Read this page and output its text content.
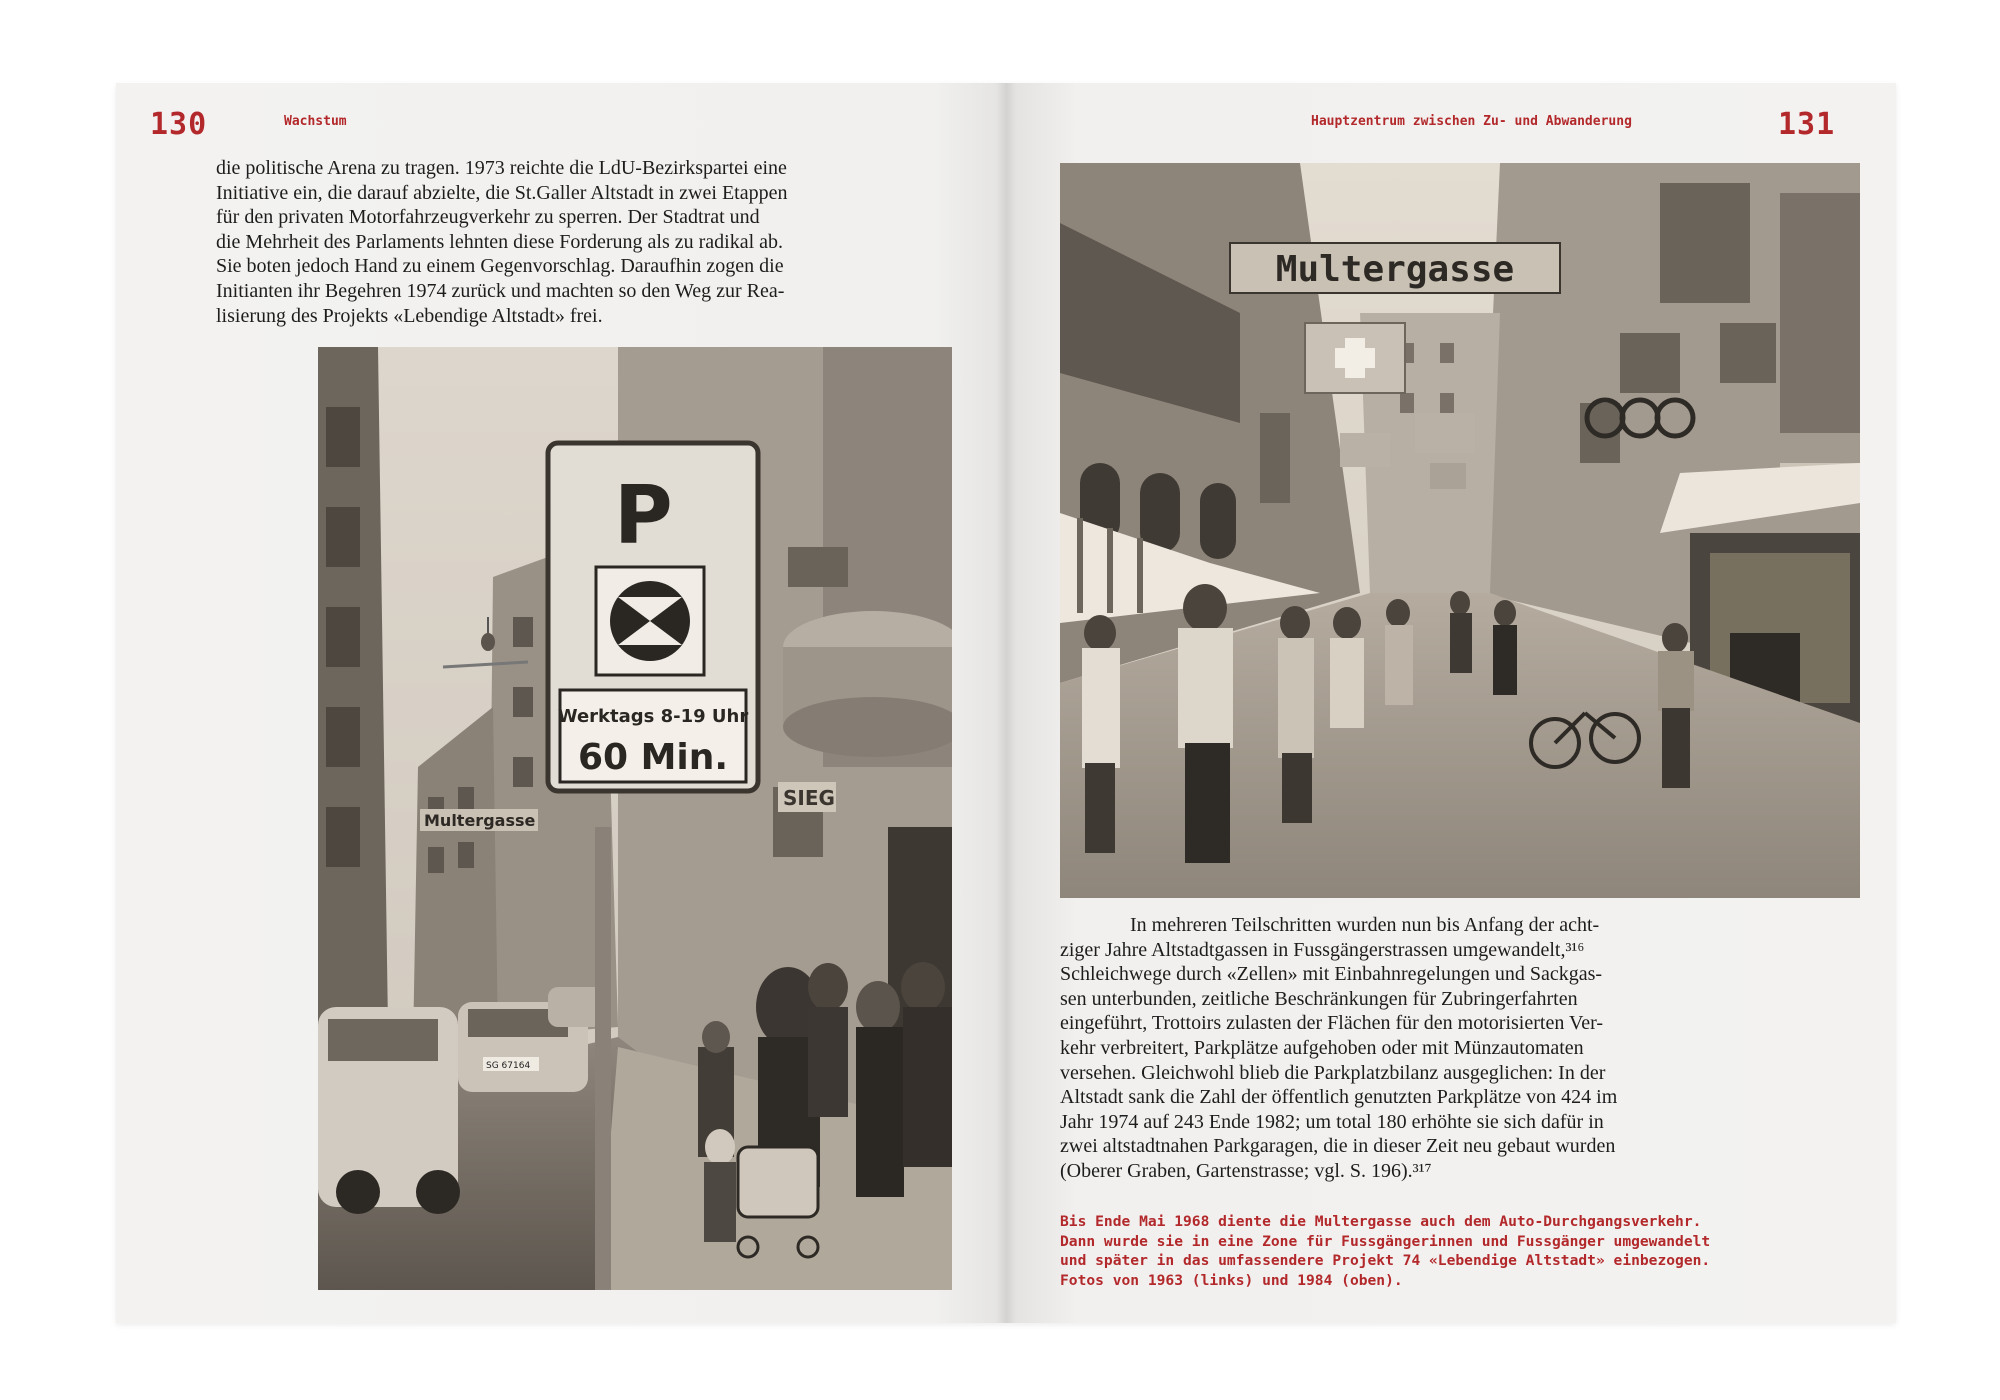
130	Wachstum
die politische Arena zu tragen. 1973 reichte die LdU-Bezirkspartei eine
Initiative ein, die darauf abzielte, die St.Galler Altstadt in zwei Etappen
für den privaten Motorfahrzeugverkehr zu sperren. Der Stadtrat und
die Mehrheit des Parlaments lehnten diese Forderung als zu radikal ab.
Sie boten jedoch Hand zu einem Gegenvorschlag. Daraufhin zogen die
Initianten ihr Begehren 1974 zurück und machten so den Weg zur Rea-
lisierung des Projekts «Lebendige Altstadt» frei.
SIEG
Multergasse
SG 67164
P
Werktags 8-19 Uhr
60 Min.
Hauptzentrum zwischen Zu- und Abwanderung	131
Multergasse
In mehreren Teilschritten wurden nun bis Anfang der acht-
ziger Jahre Altstadtgassen in Fussgängerstrassen umgewandelt,³¹⁶
Schleichwege durch «Zellen» mit Einbahnregelungen und Sackgas-
sen unterbunden, zeitliche Beschränkungen für Zubringerfahrten
eingeführt, Trottoirs zulasten der Flächen für den motorisierten Ver-
kehr verbreitert, Parkplätze aufgehoben oder mit Münzautomaten
versehen. Gleichwohl blieb die Parkplatzbilanz ausgeglichen: In der
Altstadt sank die Zahl der öffentlich genutzten Parkplätze von 424 im
Jahr 1974 auf 243 Ende 1982; um total 180 erhöhte sie sich dafür in
zwei altstadtnahen Parkgaragen, die in dieser Zeit neu gebaut wurden
(Oberer Graben, Gartenstrasse; vgl. S. 196).³¹⁷
Bis Ende Mai 1968 diente die Multergasse auch dem Auto-Durchgangsverkehr.
Dann wurde sie in eine Zone für Fussgängerinnen und Fussgänger umgewandelt
und später in das umfassendere Projekt 74 «Lebendige Altstadt» einbezogen.
Fotos von 1963 (links) und 1984 (oben).
